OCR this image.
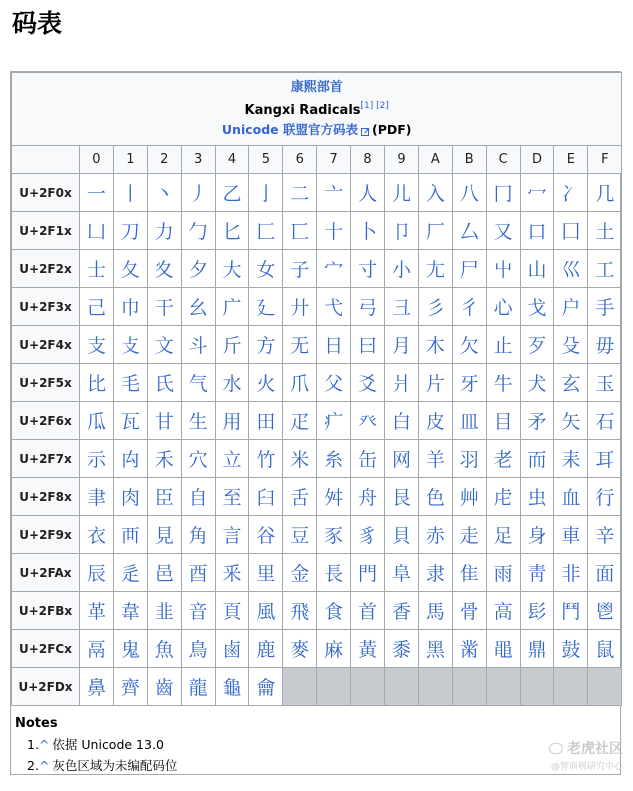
码表
康熙部首
Kangxi Radicals[1] [2]
Unicode 联盟官方码表 ↗ (PDF)

	0	1	2	3	4	5	6	7	8	9	A	B	C	D	E	F
U+2F0x	⼀	⼁	⼂	⼃	⼄	⼅	⼆	⼇	⼈	⼉	⼊	⼋	⼌	⼍	⼎	⼏
U+2F1x	⼐	⼑	⼒	⼓	⼔	⼕	⼖	⼗	⼘	⼙	⼚	⼛	⼜	⼝	⼞	⼟
U+2F2x	⼠	⼡	⼢	⼣	⼤	⼥	⼦	⼧	⼨	⼩	⼪	⼫	⼬	⼭	⼮	⼯
U+2F3x	⼰	⼱	⼲	⼳	⼴	⼵	⼶	⼷	⼸	⼹	⼺	⼻	⼼	⼽	⼾	⼿
U+2F4x	⽀	⽁	⽂	⽃	⽄	⽅	⽆	⽇	⽈	⽉	⽊	⽋	⽌	⽍	⽎	⽏
U+2F5x	⽐	⽑	⽒	⽓	⽔	⽕	⽖	⽗	⽘	⽙	⽚	⽛	⽜	⽝	⽞	⽟
U+2F6x	⽠	⽡	⽢	⽣	⽤	⽥	⽦	⽧	⽨	⽩	⽪	⽫	⽬	⽭	⽮	⽯
U+2F7x	⽰	⽱	⽲	⽳	⽴	⽵	⽶	⽷	⽸	⽹	⽺	⽻	⽼	⽽	⽾	⽿
U+2F8x	⾀	⾁	⾂	⾃	⾄	⾅	⾆	⾇	⾈	⾉	⾊	⾋	⾌	⾍	⾎	⾏
U+2F9x	⾐	⾑	⾒	⾓	⾔	⾕	⾖	⾗	⾘	⾙	⾚	⾛	⾜	⾝	⾞	⾟
U+2FAx	⾠	⾡	⾢	⾣	⾤	⾥	⾦	⾧	⾨	⾩	⾪	⾫	⾬	⾭	⾮	⾯
U+2FBx	⾰	⾱	⾲	⾳	⾴	⾵	⾶	⾷	⾸	⾹	⾺	⾻	⾼	⾽	⾾	⾿
U+2FCx	⿀	⿁	⿂	⿃	⿄	⿅	⿆	⿇	⿈	⿉	⿊	⿋	⿌	⿍	⿎	⿏
U+2FDx	⿐	⿑	⿒	⿓	⿔	⿕										
Notes
1.^ 依据 Unicode 13.0
2.^ 灰色区域为未编配码位
老虎社区
@智商税研究中心
